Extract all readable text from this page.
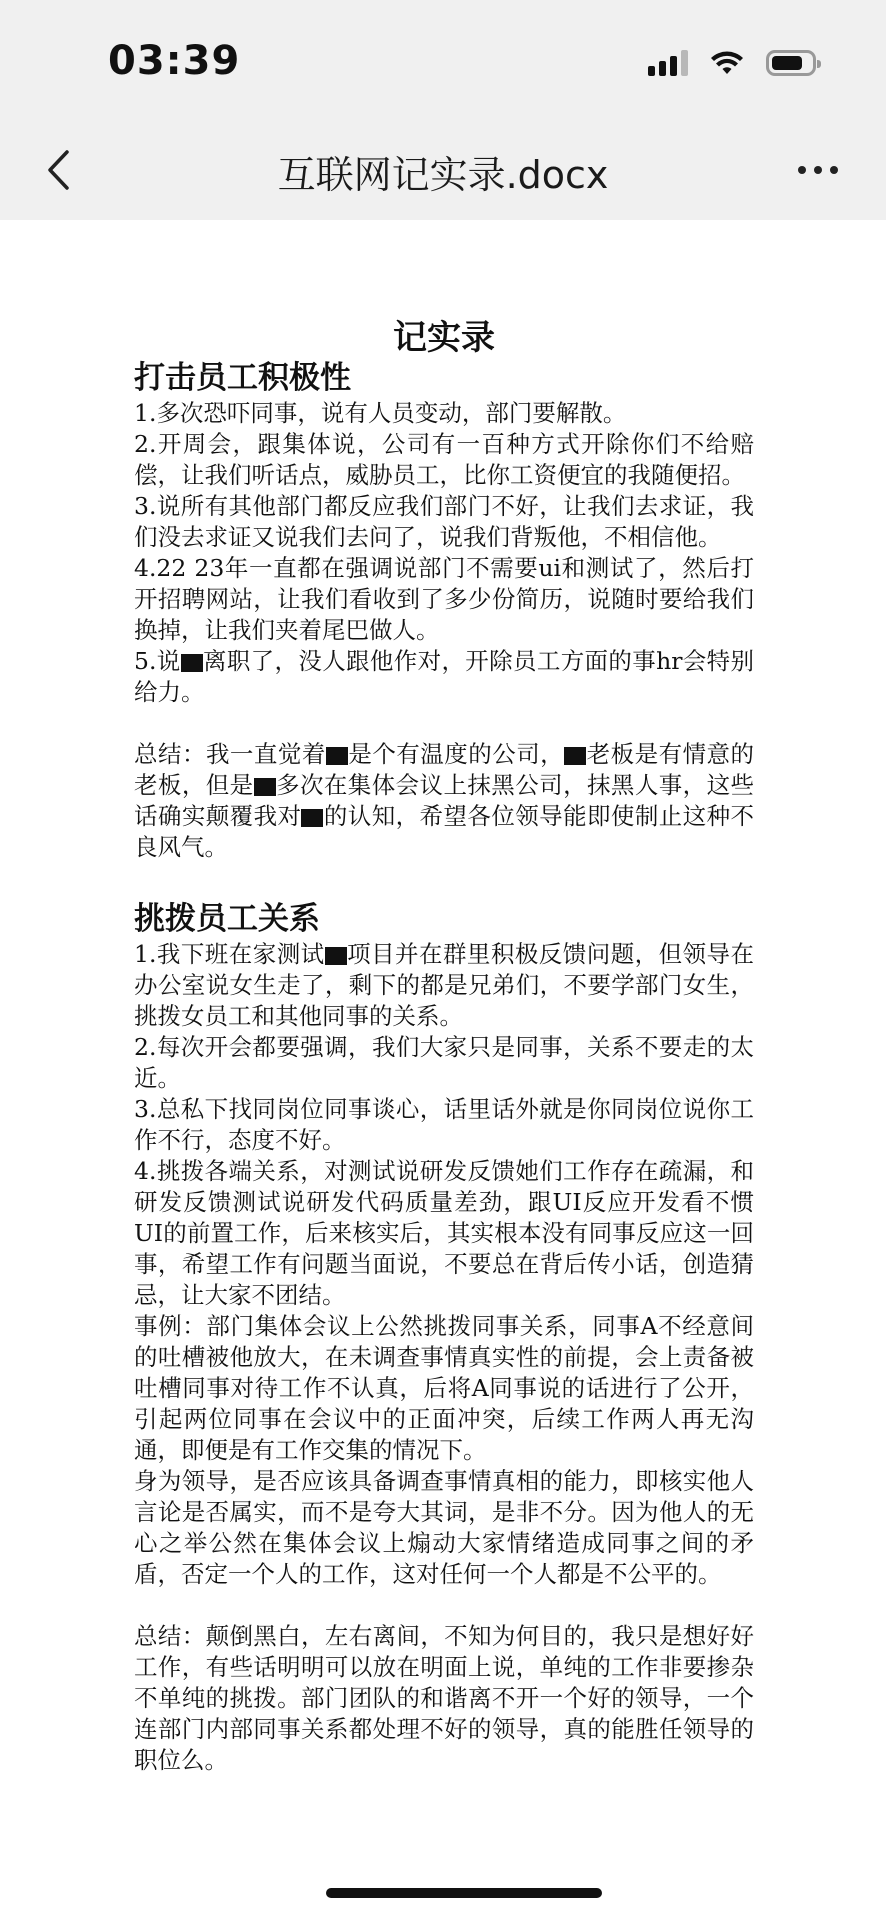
03:39
互联网记实录.docx
记实录
打击员工积极性

1.多次恐吓同事，说有人员变动，部门要解散。

2.开周会，跟集体说，公司有一百种方式开除你们不给赔偿，让我们听话点，威胁员工，比你工资便宜的我随便招。

3.说所有其他部门都反应我们部门不好，让我们去求证，我们没去求证又说我们去问了，说我们背叛他，不相信他。

4.22 23年一直都在强调说部门不需要ui和测试了，然后打开招聘网站，让我们看收到了多少份简历，说随时要给我们换掉，让我们夹着尾巴做人。

5.说 离职了，没人跟他作对，开除员工方面的事hr会特别给力。

总结：我一直觉着 是个有温度的公司， 老板是有情意的老板，但是 多次在集体会议上抹黑公司，抹黑人事，这些话确实颠覆我对 的认知，希望各位领导能即使制止这种不良风气。

挑拨员工关系

1.我下班在家测试 项目并在群里积极反馈问题，但领导在办公室说女生走了，剩下的都是兄弟们，不要学部门女生，挑拨女员工和其他同事的关系。

2.每次开会都要强调，我们大家只是同事，关系不要走的太近。

3.总私下找同岗位同事谈心，话里话外就是你同岗位说你工作不行，态度不好。

4.挑拨各端关系，对测试说研发反馈她们工作存在疏漏，和研发反馈测试说研发代码质量差劲，跟UI反应开发看不惯UI的前置工作，后来核实后，其实根本没有同事反应这一回事，希望工作有问题当面说，不要总在背后传小话，创造猜忌，让大家不团结。

事例：部门集体会议上公然挑拨同事关系，同事A不经意间的吐槽被他放大，在未调查事情真实性的前提，会上责备被吐槽同事对待工作不认真，后将A同事说的话进行了公开，引起两位同事在会议中的正面冲突，后续工作两人再无沟通，即便是有工作交集的情况下。

身为领导，是否应该具备调查事情真相的能力，即核实他人言论是否属实，而不是夸大其词，是非不分。因为他人的无心之举公然在集体会议上煽动大家情绪造成同事之间的矛盾，否定一个人的工作，这对任何一个人都是不公平的。

总结：颠倒黑白，左右离间，不知为何目的，我只是想好好工作，有些话明明可以放在明面上说，单纯的工作非要掺杂不单纯的挑拨。部门团队的和谐离不开一个好的领导，一个连部门内部同事关系都处理不好的领导，真的能胜任领导的职位么。
